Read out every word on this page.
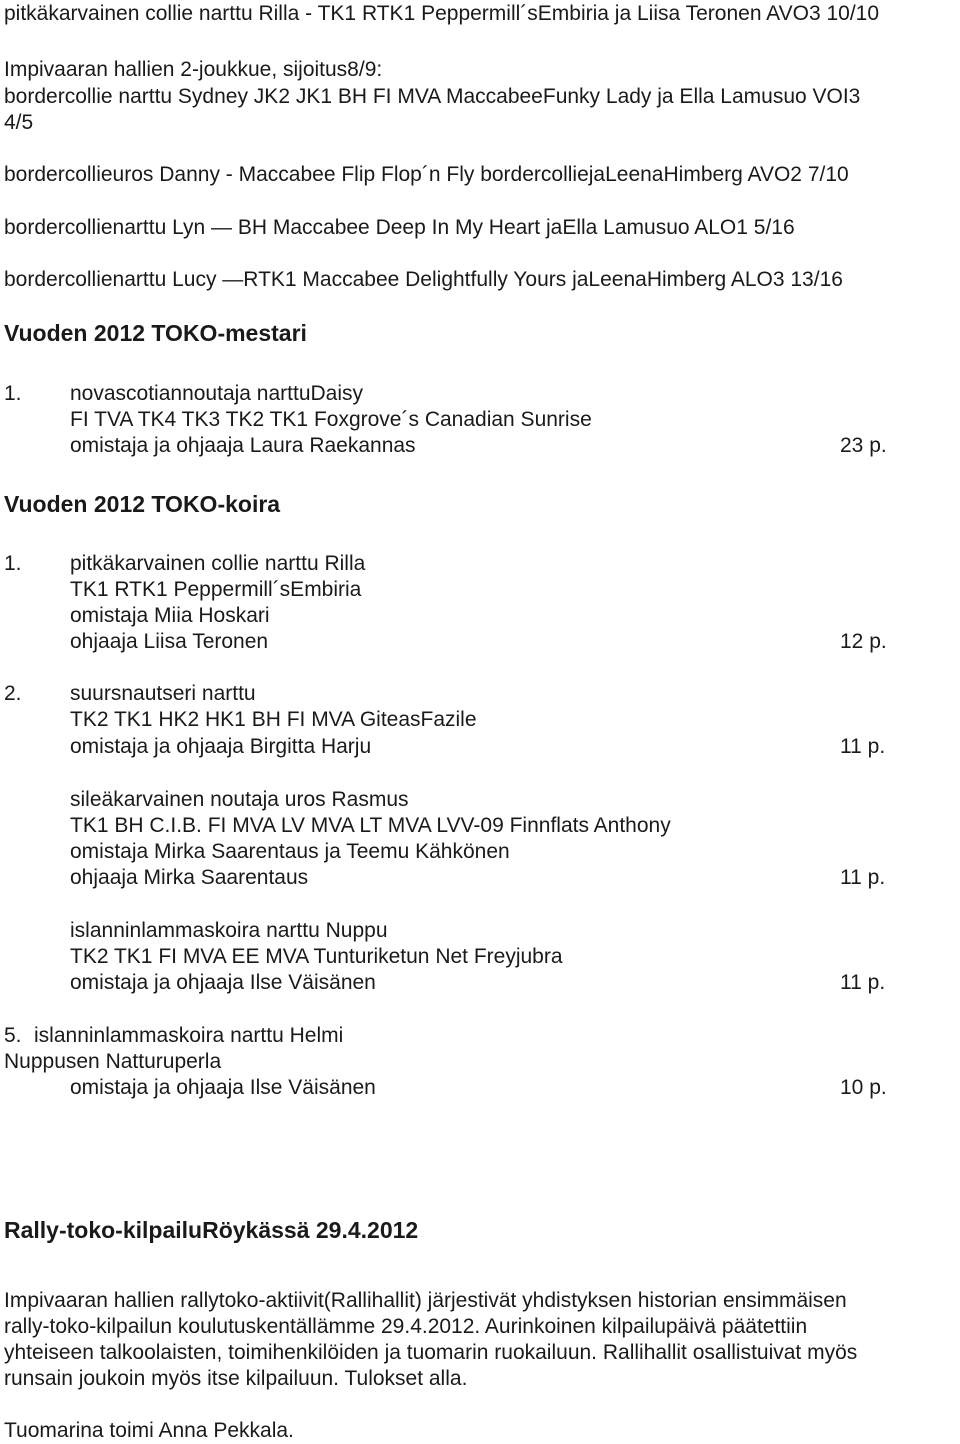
pitkäkarvainen collie narttu Rilla - TK1 RTK1 Peppermill´sEmbiria ja Liisa Teronen AVO3 10/10
Impivaaran hallien 2-joukkue, sijoitus8/9:
bordercollie narttu Sydney JK2 JK1 BH FI MVA MaccabeeFunky Lady ja Ella Lamusuo VOI3
4/5
bordercollieuros Danny - Maccabee Flip Flop´n Fly bordercolliejaLeenaHimberg AVO2 7/10
bordercollienarttu Lyn — BH Maccabee Deep In My Heart jaElla Lamusuo ALO1 5/16
bordercollienarttu Lucy —RTK1 Maccabee Delightfully Yours jaLeenaHimberg ALO3 13/16
Vuoden 2012 TOKO-mestari
1. novascotiannoutaja narttuDaisy
FI TVA TK4 TK3 TK2 TK1 Foxgrove´s Canadian Sunrise
omistaja ja ohjaaja Laura Raekannas	23 p.
Vuoden 2012 TOKO-koira
1. pitkäkarvainen collie narttu Rilla
TK1 RTK1 Peppermill´sEmbiria
omistaja Miia Hoskari
ohjaaja Liisa Teronen	12 p.
2. suursnautseri narttu
TK2 TK1 HK2 HK1 BH FI MVA GiteasFazile
omistaja ja ohjaaja Birgitta Harju	11 p.
sileäkarvainen noutaja uros Rasmus
TK1 BH C.I.B. FI MVA LV MVA LT MVA LVV-09 Finnflats Anthony
omistaja Mirka Saarentaus ja Teemu Kähkönen
ohjaaja Mirka Saarentaus	11 p.
islanninlammaskoira narttu Nuppu
TK2 TK1 FI MVA EE MVA Tunturiketun Net Freyjubra
omistaja ja ohjaaja Ilse Väisänen	11 p.
5. islanninlammaskoira narttu Helmi
Nuppusen Natturuperla
omistaja ja ohjaaja Ilse Väisänen	10 p.
Rally-toko-kilpailuRöykässä 29.4.2012
Impivaaran hallien rallytoko-aktiivit(Rallihallit) järjestivät yhdistyksen historian ensimmäisen
rally-toko-kilpailun koulutuskentällämme 29.4.2012. Aurinkoinen kilpailupäivä päätettiin
yhteiseen talkoolaisten, toimihenkilöiden ja tuomarin ruokailuun. Rallihallit osallistuivat myös
runsain joukoin myös itse kilpailuun. Tulokset alla.
Tuomarina toimi Anna Pekkala.
